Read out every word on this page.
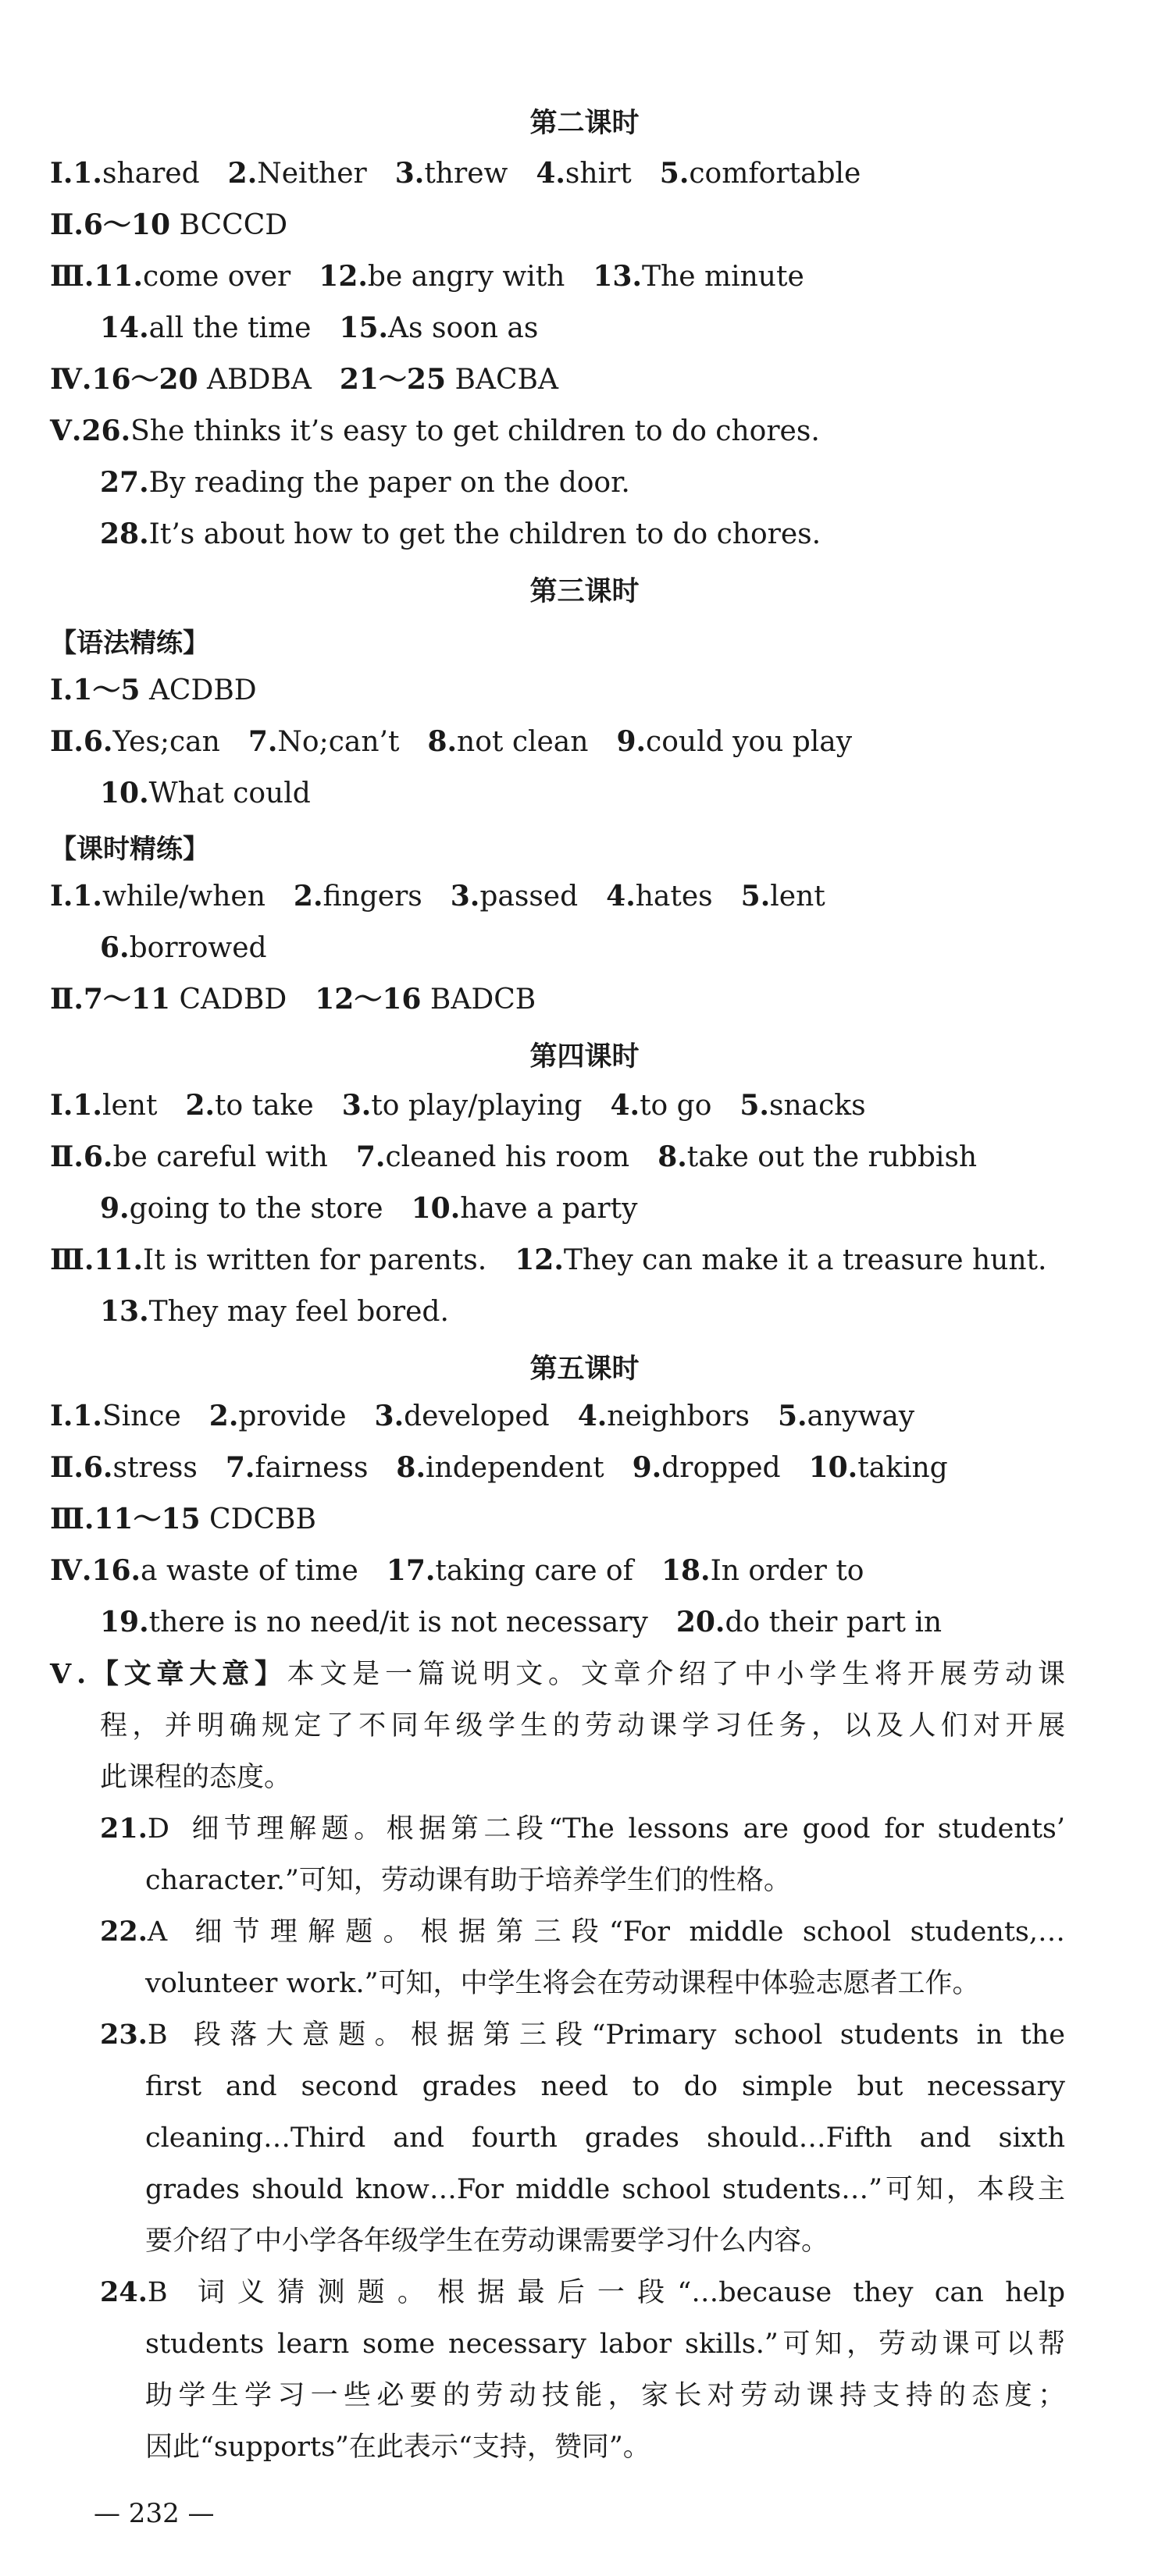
第二课时
Ⅰ.1.shared 2.Neither 3.threw 4.shirt 5.comfortable
Ⅱ.6～10 BCCCD
Ⅲ.11.come over 12.be angry with 13.The minute
14.all the time 15.As soon as
Ⅳ.16～20 ABDBA 21～25 BACBA
Ⅴ.26.She thinks it’s easy to get children to do chores.
27.By reading the paper on the door.
28.It’s about how to get the children to do chores.
第三课时
【语法精练】
Ⅰ.1～5 ACDBD
Ⅱ.6.Yes;can 7.No;can’t 8.not clean 9.could you play
10.What could
【课时精练】
Ⅰ.1.while/when 2.fingers 3.passed 4.hates 5.lent
6.borrowed
Ⅱ.7～11 CADBD 12～16 BADCB
第四课时
Ⅰ.1.lent 2.to take 3.to play/playing 4.to go 5.snacks
Ⅱ.6.be careful with 7.cleaned his room 8.take out the rubbish
9.going to the store 10.have a party
Ⅲ.11.It is written for parents. 12.They can make it a treasure hunt.
13.They may feel bored.
第五课时
Ⅰ.1.Since 2.provide 3.developed 4.neighbors 5.anyway
Ⅱ.6.stress 7.fairness 8.independent 9.dropped 10.taking
Ⅲ.11～15 CDCBB
Ⅳ.16.a waste of time 17.taking care of 18.In order to
19.there is no need/it is not necessary 20.do their part in
Ⅴ.【文章大意】本文是一篇说明文。文章介绍了中小学生将开展劳动课
程，并明确规定了不同年级学生的劳动课学习任务，以及人们对开展
此课程的态度。
21.D 细节理解题。根据第二段“The lessons are good for students’
character.”可知，劳动课有助于培养学生们的性格。
22.A 细节理解题。根据第三段“For middle school students,…
volunteer work.”可知，中学生将会在劳动课程中体验志愿者工作。
23.B 段落大意题。根据第三段“Primary school students in the
first and second grades need to do simple but necessary
cleaning…Third and fourth grades should…Fifth and sixth
grades should know…For middle school students…”可知，本段主
要介绍了中小学各年级学生在劳动课需要学习什么内容。
24.B 词义猜测题。根据最后一段“…because they can help
students learn some necessary labor skills.”可知，劳动课可以帮
助学生学习一些必要的劳动技能，家长对劳动课持支持的态度；
因此“supports”在此表示“支持，赞同”。
— 232 —
